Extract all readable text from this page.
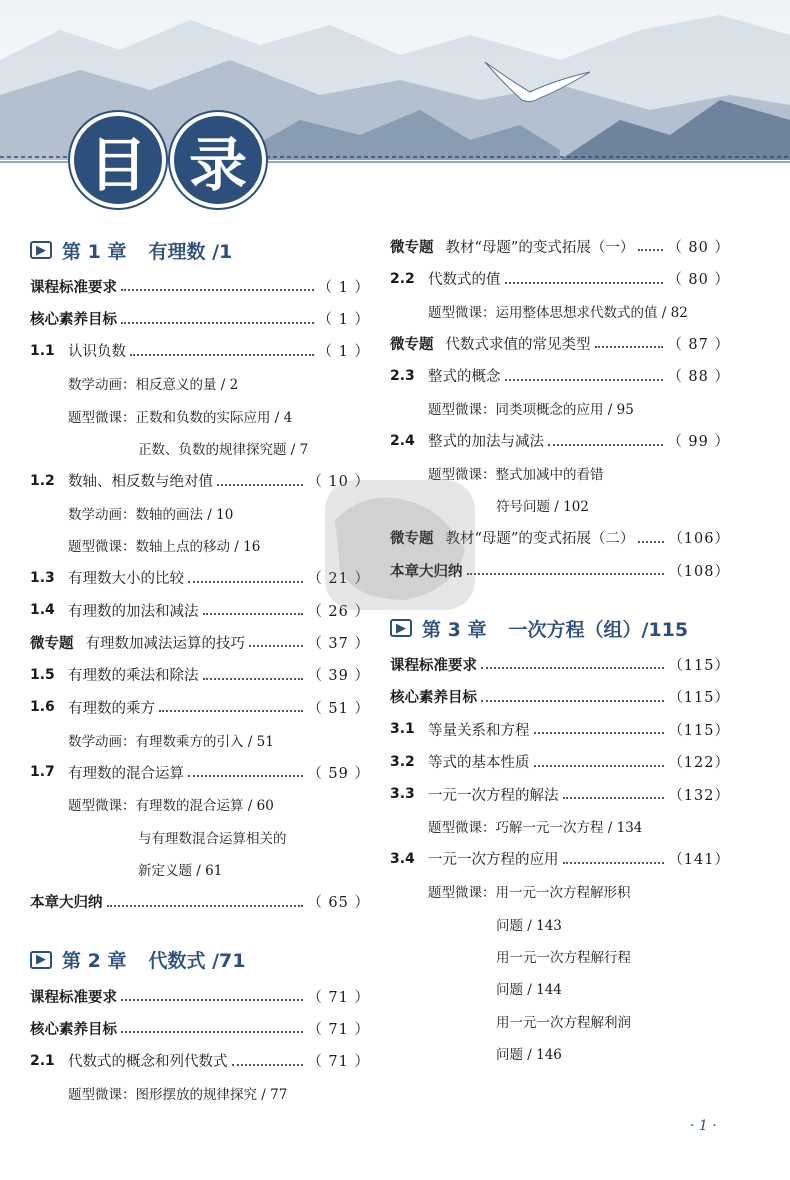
目 录
▶ 第 1 章 有理数 /1
课程标准要求	（ 1 ）
核心素养目标	（ 1 ）
1.1 认识负数	（ 1 ）
数学动画：相反意义的量 / 2
题型微课：正数和负数的实际应用 / 4
正数、负数的规律探究题 / 7
1.2 数轴、相反数与绝对值	（ 10 ）
数学动画：数轴的画法 / 10
题型微课：数轴上点的移动 / 16
1.3 有理数大小的比较	（ 21 ）
1.4 有理数的加法和减法	（ 26 ）
微专题 有理数加减法运算的技巧	（ 37 ）
1.5 有理数的乘法和除法	（ 39 ）
1.6 有理数的乘方	（ 51 ）
数学动画：有理数乘方的引入 / 51
1.7 有理数的混合运算	（ 59 ）
题型微课：有理数的混合运算 / 60
与有理数混合运算相关的
新定义题 / 61
本章大归纳	（ 65 ）
▶ 第 2 章 代数式 /71
课程标准要求	（ 71 ）
核心素养目标	（ 71 ）
2.1 代数式的概念和列代数式	（ 71 ）
题型微课：图形摆放的规律探究 / 77
微专题 教材“母题”的变式拓展（一） （ 80 ）
2.2 代数式的值	（ 80 ）
题型微课：运用整体思想求代数式的值 / 82
微专题 代数式求值的常见类型	（ 87 ）
2.3 整式的概念	（ 88 ）
题型微课：同类项概念的应用 / 95
2.4 整式的加法与减法	（ 99 ）
题型微课：整式加减中的看错
符号问题 / 102
微专题 教材“母题”的变式拓展（二） （106）
本章大归纳	（108）
▶ 第 3 章 一次方程（组）/115
课程标准要求	（115）
核心素养目标	（115）
3.1 等量关系和方程	（115）
3.2 等式的基本性质	（122）
3.3 一元一次方程的解法	（132）
题型微课：巧解一元一次方程 / 134
3.4 一元一次方程的应用	（141）
题型微课：用一元一次方程解形积
问题 / 143
用一元一次方程解行程
问题 / 144
用一元一次方程解利润
问题 / 146
· 1 ·
